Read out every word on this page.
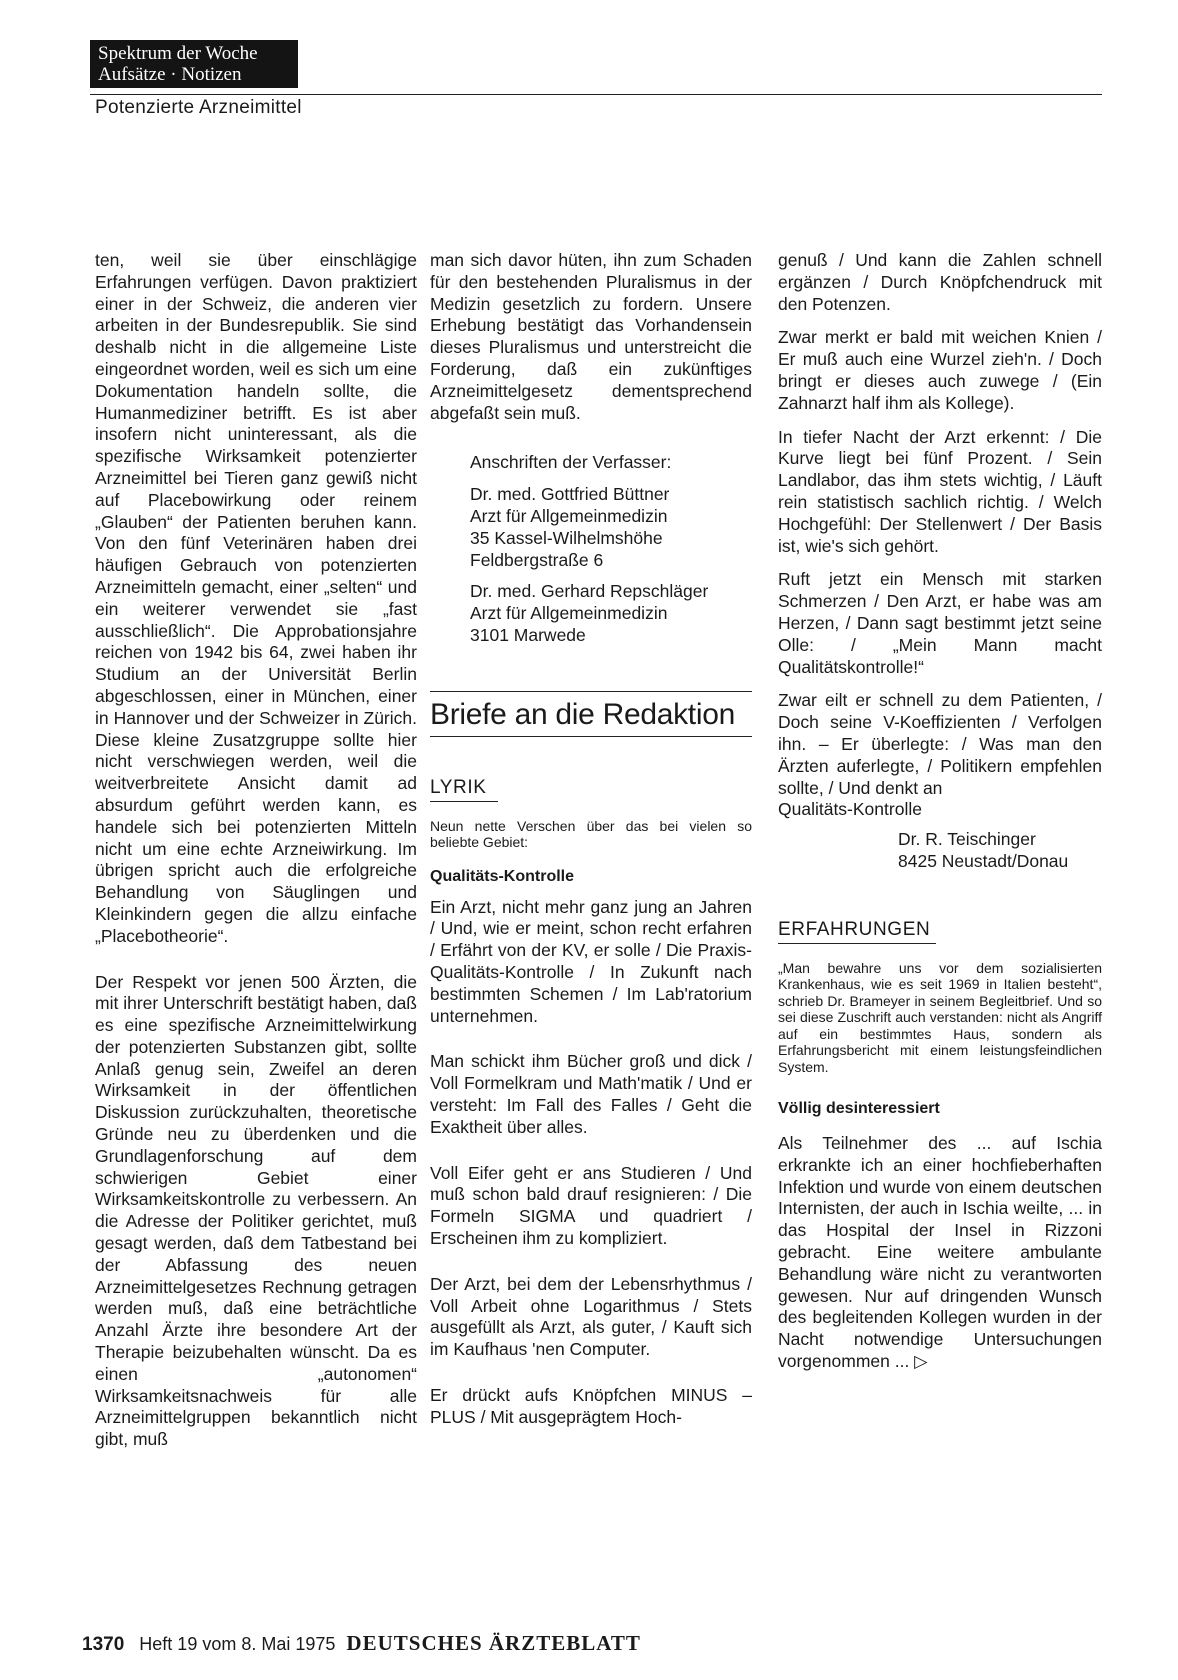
Spektrum der Woche
Aufsätze · Notizen
Potenzierte Arzneimittel

ten, weil sie über einschlägige Erfahrungen verfügen. Davon praktiziert einer in der Schweiz, die anderen vier arbeiten in der Bundesrepublik. Sie sind deshalb nicht in die allgemeine Liste eingeordnet worden, weil es sich um eine Dokumentation handeln sollte, die Humanmediziner betrifft. Es ist aber insofern nicht uninteressant, als die spezifische Wirksamkeit potenzierter Arzneimittel bei Tieren ganz gewiß nicht auf Placebowirkung oder reinem „Glauben“ der Patienten beruhen kann. Von den fünf Veterinären haben drei häufigen Gebrauch von potenzierten Arzneimitteln gemacht, einer „selten“ und ein weiterer verwendet sie „fast ausschließlich“. Die Approbationsjahre reichen von 1942 bis 64, zwei haben ihr Studium an der Universität Berlin abgeschlossen, einer in München, einer in Hannover und der Schweizer in Zürich. Diese kleine Zusatzgruppe sollte hier nicht verschwiegen werden, weil die weitverbreitete Ansicht damit ad absurdum geführt werden kann, es handele sich bei potenzierten Mitteln nicht um eine echte Arzneiwirkung. Im übrigen spricht auch die erfolgreiche Behandlung von Säuglingen und Kleinkindern gegen die allzu einfache „Placebotheorie“.

Der Respekt vor jenen 500 Ärzten, die mit ihrer Unterschrift bestätigt haben, daß es eine spezifische Arzneimittelwirkung der potenzierten Substanzen gibt, sollte Anlaß genug sein, Zweifel an deren Wirksamkeit in der öffentlichen Diskussion zurückzuhalten, theoretische Gründe neu zu überdenken und die Grundlagenforschung auf dem schwierigen Gebiet einer Wirksamkeitskontrolle zu verbessern. An die Adresse der Politiker gerichtet, muß gesagt werden, daß dem Tatbestand bei der Abfassung des neuen Arzneimittelgesetzes Rechnung getragen werden muß, daß eine beträchtliche Anzahl Ärzte ihre besondere Art der Therapie beizubehalten wünscht. Da es einen „autonomen“ Wirksamkeitsnachweis für alle Arzneimittelgruppen bekanntlich nicht gibt, muß

man sich davor hüten, ihn zum Schaden für den bestehenden Pluralismus in der Medizin gesetzlich zu fordern. Unsere Erhebung bestätigt das Vorhandensein dieses Pluralismus und unterstreicht die Forderung, daß ein zukünftiges Arzneimittelgesetz dementsprechend abgefaßt sein muß.

Anschriften der Verfasser:

Dr. med. Gottfried Büttner
Arzt für Allgemeinmedizin
35 Kassel-Wilhelmshöhe
Feldbergstraße 6

Dr. med. Gerhard Repschläger
Arzt für Allgemeinmedizin
3101 Marwede

Briefe an die Redaktion
LYRIK

Neun nette Verschen über das bei vielen so beliebte Gebiet:

Qualitäts-Kontrolle

Ein Arzt, nicht mehr ganz jung an Jahren / Und, wie er meint, schon recht erfahren / Erfährt von der KV, er solle / Die Praxis-Qualitäts-Kontrolle / In Zukunft nach bestimmten Schemen / Im Lab'ratorium unternehmen.

Man schickt ihm Bücher groß und dick / Voll Formelkram und Math'matik / Und er versteht: Im Fall des Falles / Geht die Exaktheit über alles.

Voll Eifer geht er ans Studieren / Und muß schon bald drauf resignieren: / Die Formeln SIGMA und quadriert / Erscheinen ihm zu kompliziert.

Der Arzt, bei dem der Lebensrhythmus / Voll Arbeit ohne Logarithmus / Stets ausgefüllt als Arzt, als guter, / Kauft sich im Kaufhaus 'nen Computer.

Er drückt aufs Knöpfchen MINUS – PLUS / Mit ausgeprägtem Hoch-

genuß / Und kann die Zahlen schnell ergänzen / Durch Knöpfchendruck mit den Potenzen.

Zwar merkt er bald mit weichen Knien / Er muß auch eine Wurzel zieh'n. / Doch bringt er dieses auch zuwege / (Ein Zahnarzt half ihm als Kollege).

In tiefer Nacht der Arzt erkennt: / Die Kurve liegt bei fünf Prozent. / Sein Landlabor, das ihm stets wichtig, / Läuft rein statistisch sachlich richtig. / Welch Hochgefühl: Der Stellenwert / Der Basis ist, wie's sich gehört.

Ruft jetzt ein Mensch mit starken Schmerzen / Den Arzt, er habe was am Herzen, / Dann sagt bestimmt jetzt seine Olle: / „Mein Mann macht Qualitätskontrolle!“

Zwar eilt er schnell zu dem Patienten, / Doch seine V-Koeffizienten / Verfolgen ihn. – Er überlegte: / Was man den Ärzten auferlegte, / Politikern empfehlen sollte, / Und denkt an

Qualitäts-Kontrolle

Dr. R. Teischinger
8425 Neustadt/Donau
ERFAHRUNGEN

„Man bewahre uns vor dem sozialisierten Krankenhaus, wie es seit 1969 in Italien besteht“, schrieb Dr. Brameyer in seinem Begleitbrief. Und so sei diese Zuschrift auch verstanden: nicht als Angriff auf ein bestimmtes Haus, sondern als Erfahrungsbericht mit einem leistungsfeindlichen System.

Völlig desinteressiert

Als Teilnehmer des ... auf Ischia erkrankte ich an einer hochfieberhaften Infektion und wurde von einem deutschen Internisten, der auch in Ischia weilte, ... in das Hospital der Insel in Rizzoni gebracht. Eine weitere ambulante Behandlung wäre nicht zu verantworten gewesen. Nur auf dringenden Wunsch des begleitenden Kollegen wurden in der Nacht notwendige Untersuchungen vorgenommen ... ▷

1370 Heft 19 vom 8. Mai 1975 DEUTSCHES ÄRZTEBLATT
